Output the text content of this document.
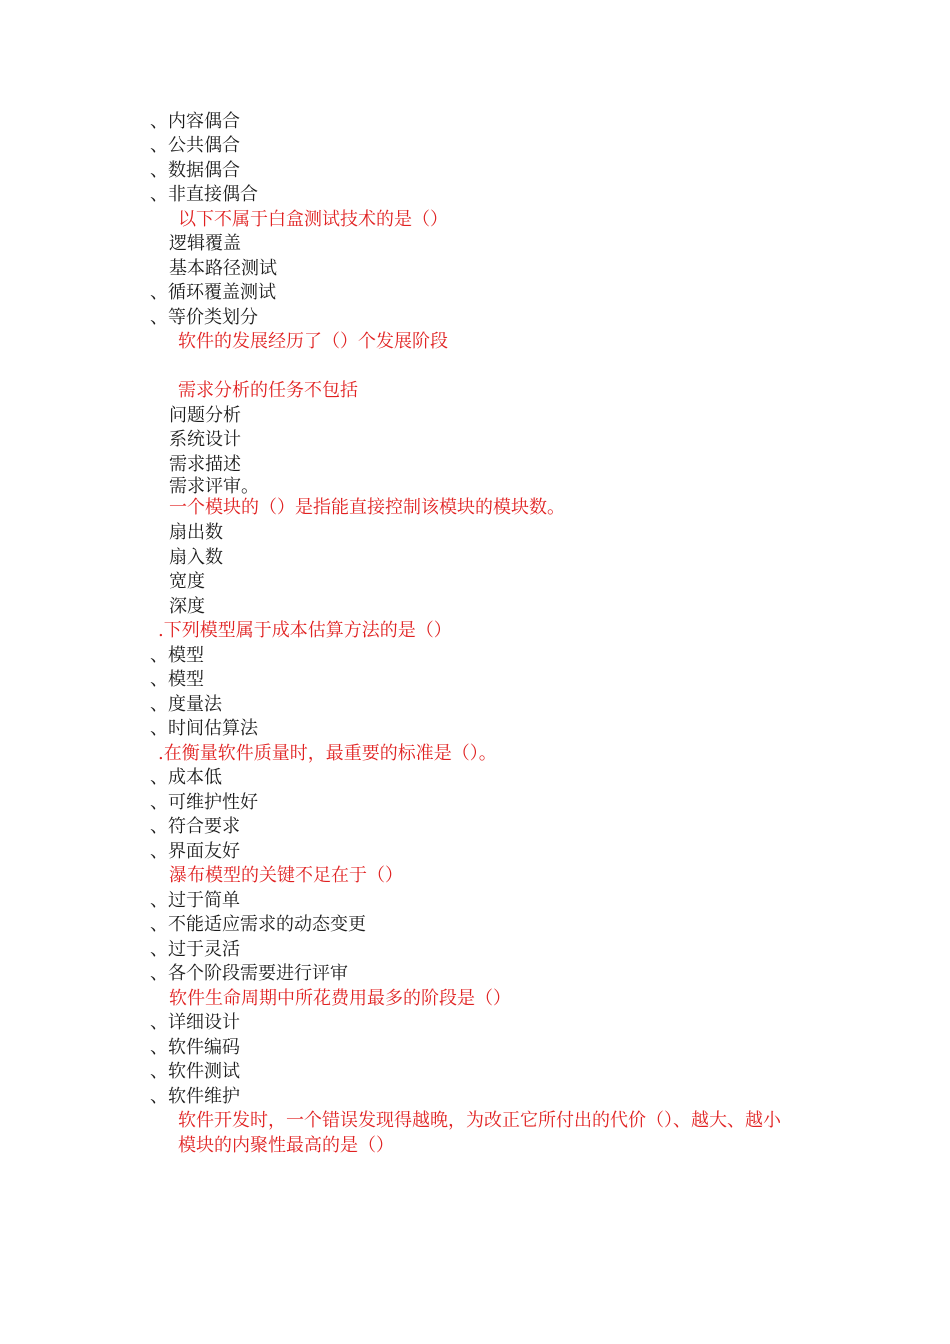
、内容偶合
、公共偶合
、数据偶合
、非直接偶合
以下不属于白盒测试技术的是（）
逻辑覆盖
基本路径测试
、循环覆盖测试
、等价类划分
软件的发展经历了（）个发展阶段
需求分析的任务不包括
问题分析
系统设计
需求描述
需求评审。
一个模块的（）是指能直接控制该模块的模块数。
扇出数
扇入数
宽度
深度
.下列模型属于成本估算方法的是（）
、模型
、模型
、度量法
、时间估算法
.在衡量软件质量时，最重要的标准是（）。
、成本低
、可维护性好
、符合要求
、界面友好
瀑布模型的关键不足在于（）
、过于简单
、不能适应需求的动态变更
、过于灵活
、各个阶段需要进行评审
软件生命周期中所花费用最多的阶段是（）
、详细设计
、软件编码
、软件测试
、软件维护
软件开发时，一个错误发现得越晚，为改正它所付出的代价（）、越大、越小
模块的内聚性最高的是（）
